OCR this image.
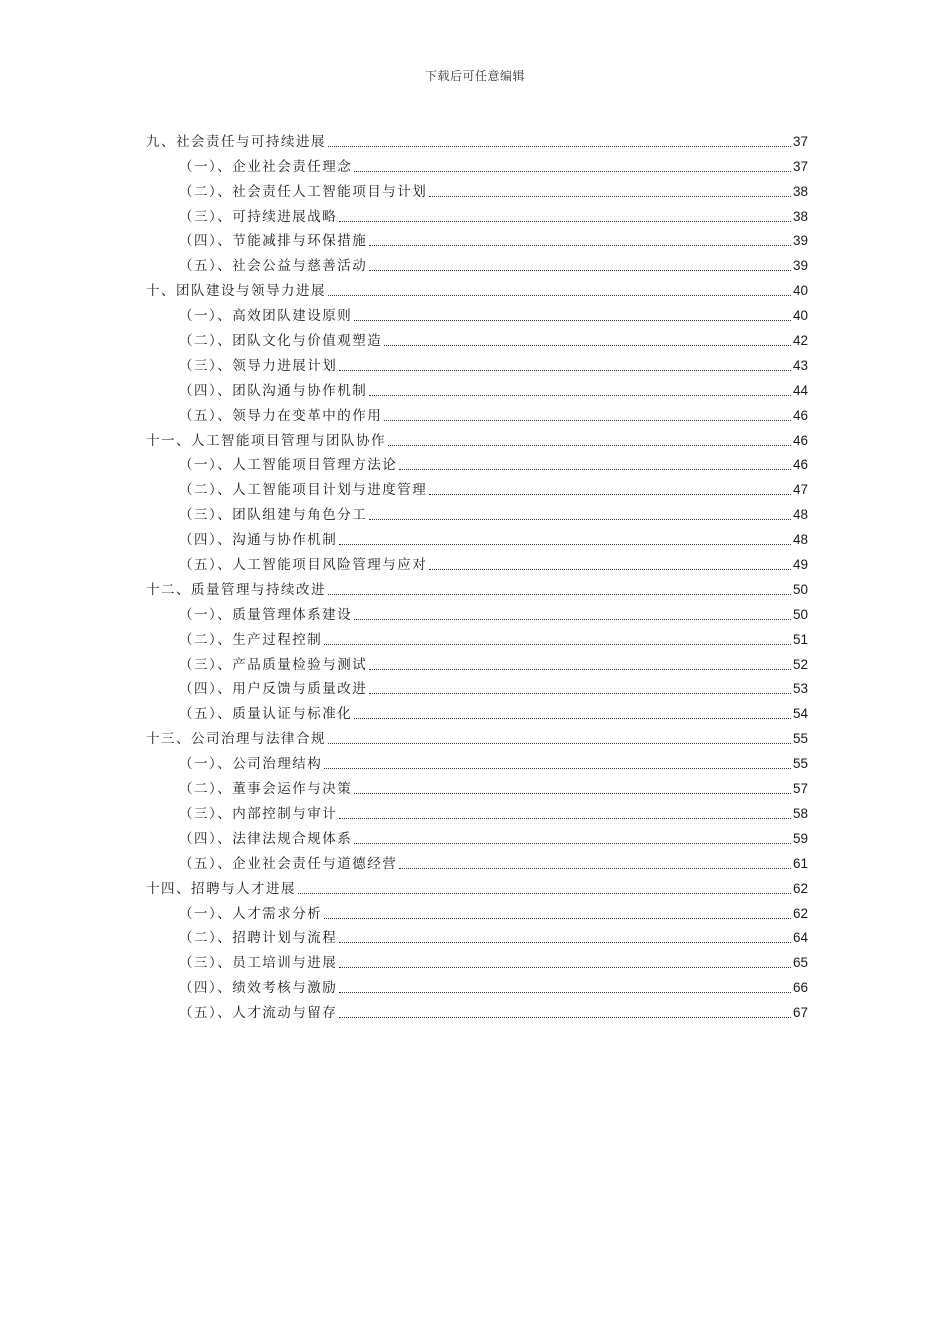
下载后可任意编辑
九、社会责任与可持续进展	37
（一）、企业社会责任理念	37
（二）、社会责任人工智能项目与计划	38
（三）、可持续进展战略	38
（四）、节能减排与环保措施	39
（五）、社会公益与慈善活动	39
十、团队建设与领导力进展	40
（一）、高效团队建设原则	40
（二）、团队文化与价值观塑造	42
（三）、领导力进展计划	43
（四）、团队沟通与协作机制	44
（五）、领导力在变革中的作用	46
十一、人工智能项目管理与团队协作	46
（一）、人工智能项目管理方法论	46
（二）、人工智能项目计划与进度管理	47
（三）、团队组建与角色分工	48
（四）、沟通与协作机制	48
（五）、人工智能项目风险管理与应对	49
十二、质量管理与持续改进	50
（一）、质量管理体系建设	50
（二）、生产过程控制	51
（三）、产品质量检验与测试	52
（四）、用户反馈与质量改进	53
（五）、质量认证与标准化	54
十三、公司治理与法律合规	55
（一）、公司治理结构	55
（二）、董事会运作与决策	57
（三）、内部控制与审计	58
（四）、法律法规合规体系	59
（五）、企业社会责任与道德经营	61
十四、招聘与人才进展	62
（一）、人才需求分析	62
（二）、招聘计划与流程	64
（三）、员工培训与进展	65
（四）、绩效考核与激励	66
（五）、人才流动与留存	67
